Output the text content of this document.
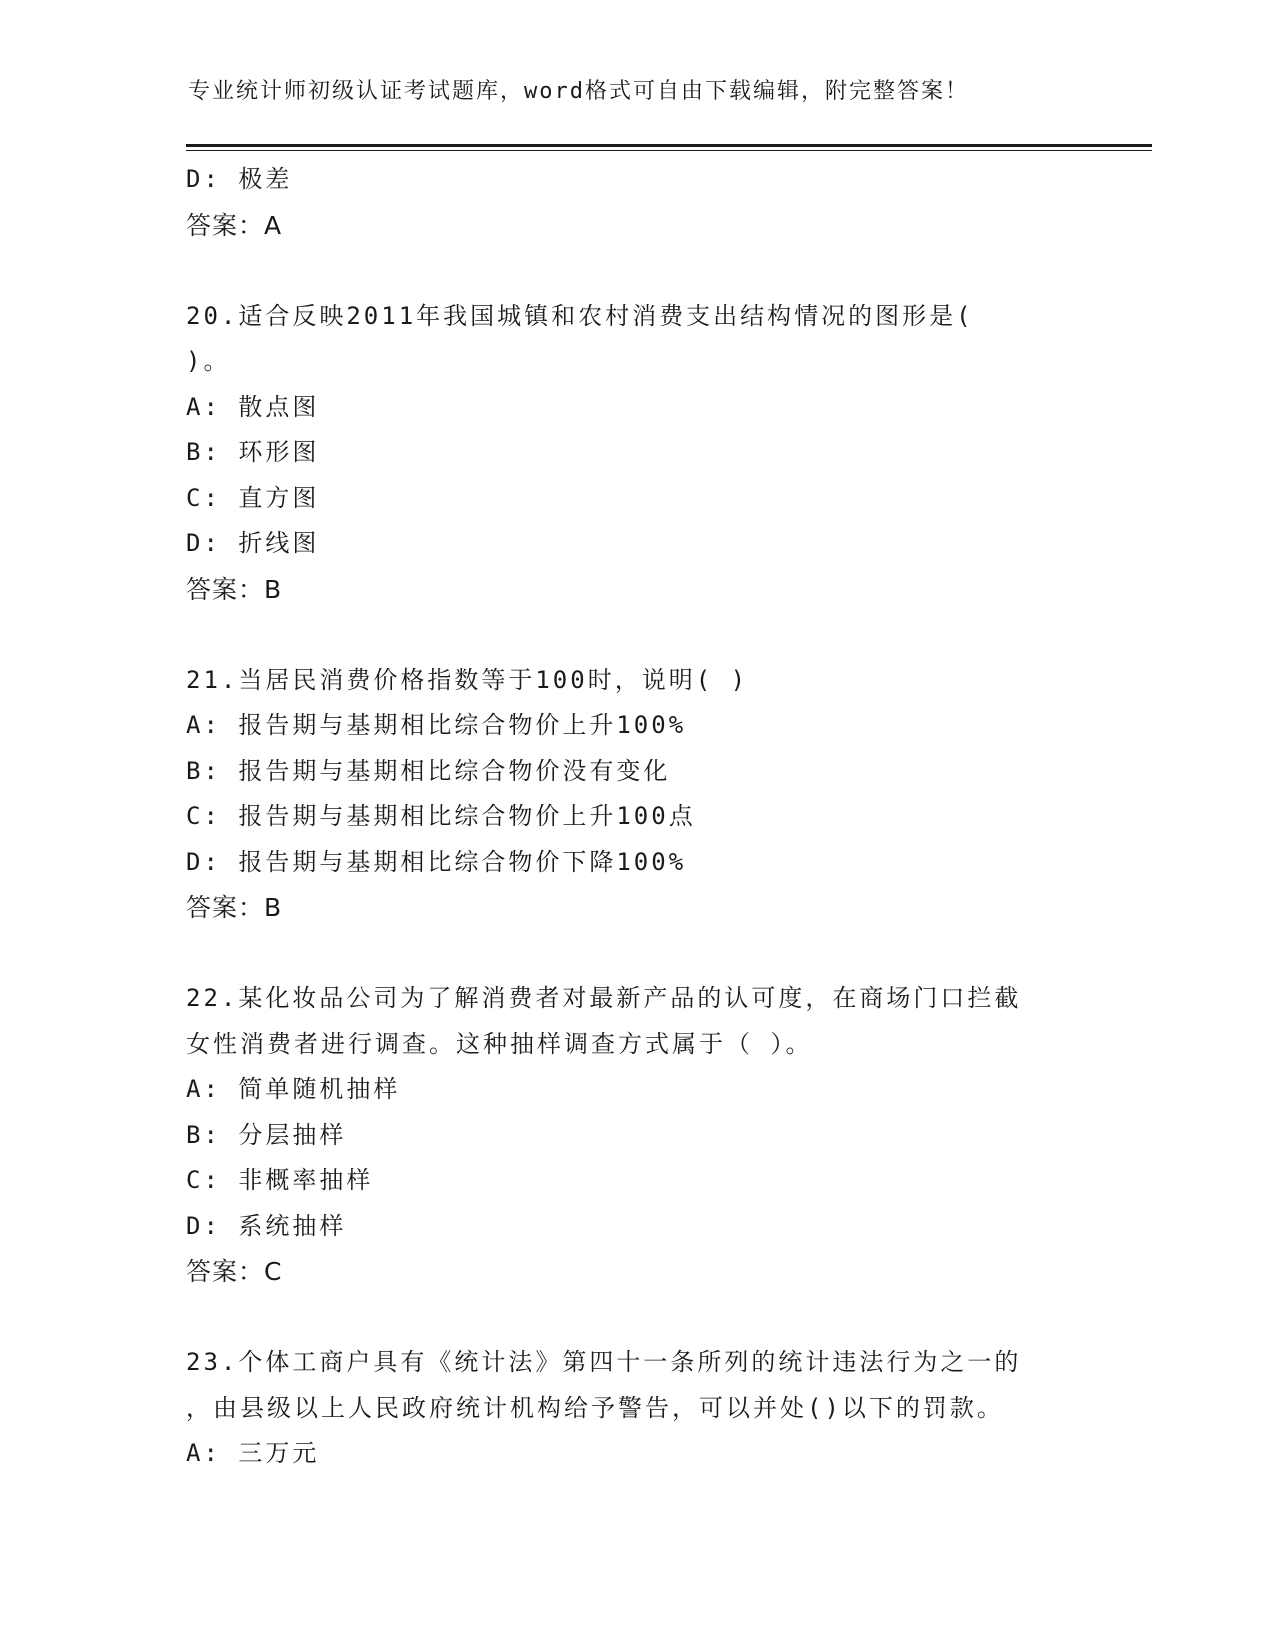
专业统计师初级认证考试题库，word格式可自由下载编辑，附完整答案！
D: 极差
答案：A
20.适合反映2011年我国城镇和农村消费支出结构情况的图形是(
)。
A: 散点图
B: 环形图
C: 直方图
D: 折线图
答案：B
21.当居民消费价格指数等于100时，说明( )
A: 报告期与基期相比综合物价上升100%
B: 报告期与基期相比综合物价没有变化
C: 报告期与基期相比综合物价上升100点
D: 报告期与基期相比综合物价下降100%
答案：B
22.某化妆品公司为了解消费者对最新产品的认可度，在商场门口拦截
女性消费者进行调查。这种抽样调查方式属于（ ）。
A: 简单随机抽样
B: 分层抽样
C: 非概率抽样
D: 系统抽样
答案：C
23.个体工商户具有《统计法》第四十一条所列的统计违法行为之一的
，由县级以上人民政府统计机构给予警告，可以并处()以下的罚款。
A: 三万元
